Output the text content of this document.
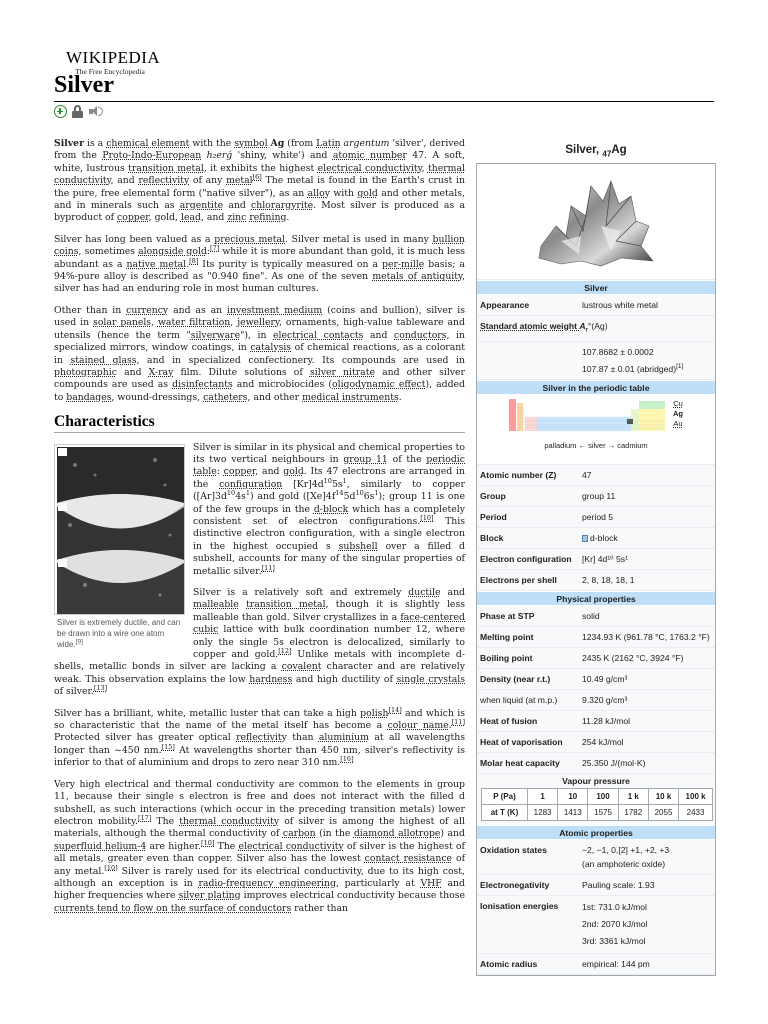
WIKIPEDIA
The Free Encyclopedia
Silver

Silver is a chemical element with the symbol Ag (from Latin argentum 'silver', derived from the Proto-Indo-European h₂erǵ 'shiny, white') and atomic number 47. A soft, white, lustrous transition metal, it exhibits the highest electrical conductivity, thermal conductivity, and reflectivity of any metal[6] The metal is found in the Earth's crust in the pure, free elemental form ("native silver"), as an alloy with gold and other metals, and in minerals such as argentite and chlorargyrite. Most silver is produced as a byproduct of copper, gold, lead, and zinc refining.

Silver has long been valued as a precious metal. Silver metal is used in many bullion coins, sometimes alongside gold:[7] while it is more abundant than gold, it is much less abundant as a native metal.[8] Its purity is typically measured on a per-mille basis; a 94%-pure alloy is described as "0.940 fine". As one of the seven metals of antiquity, silver has had an enduring role in most human cultures.

Other than in currency and as an investment medium (coins and bullion), silver is used in solar panels, water filtration, jewellery, ornaments, high-value tableware and utensils (hence the term "silverware"), in electrical contacts and conductors, in specialized mirrors, window coatings, in catalysis of chemical reactions, as a colorant in stained glass, and in specialized confectionery. Its compounds are used in photographic and X-ray film. Dilute solutions of silver nitrate and other silver compounds are used as disinfectants and microbiocides (oligodynamic effect), added to bandages, wound-dressings, catheters, and other medical instruments.

Characteristics
Silver is extremely ductile, and can be drawn into a wire one atom wide.[9]

Silver is similar in its physical and chemical properties to its two vertical neighbours in group 11 of the periodic table: copper, and gold. Its 47 electrons are arranged in the configuration $[Kr]4d^{10}5s^1$, similarly to copper $([Ar]3d^{10}4s^1)$ and gold $([Xe]4f^{14}5d^{10}6s^1)$; group 11 is one of the few groups in the d-block which has a completely consistent set of electron configurations.[10] This distinctive electron configuration, with a single electron in the highest occupied s subshell over a filled d subshell, accounts for many of the singular properties of metallic silver.[11]

Silver is a relatively soft and extremely ductile and malleable transition metal, though it is slightly less malleable than gold. Silver crystallizes in a face-centered cubic lattice with bulk coordination number 12, where only the single 5s electron is delocalized, similarly to copper and gold.[12] Unlike metals with incomplete d-shells, metallic bonds in silver are lacking a covalent character and are relatively weak. This observation explains the low hardness and high ductility of single crystals of silver.[13]

Silver has a brilliant, white, metallic luster that can take a high polish[14] and which is so characteristic that the name of the metal itself has become a colour name.[11] Protected silver has greater optical reflectivity than aluminium at all wavelengths longer than ~450 nm.[15] At wavelengths shorter than 450 nm, silver's reflectivity is inferior to that of aluminium and drops to zero near 310 nm.[16]

Very high electrical and thermal conductivity are common to the elements in group 11, because their single s electron is free and does not interact with the filled d subshell, as such interactions (which occur in the preceding transition metals) lower electron mobility.[17] The thermal conductivity of silver is among the highest of all materials, although the thermal conductivity of carbon (in the diamond allotrope) and superfluid helium-4 are higher.[10] The electrical conductivity of silver is the highest of all metals, greater even than copper. Silver also has the lowest contact resistance of any metal.[10] Silver is rarely used for its electrical conductivity, due to its high cost, although an exception is in radio-frequency engineering, particularly at VHF and higher frequencies where silver plating improves electrical conductivity because those currents tend to flow on the surface of conductors rather than

Silver, $_{47}$Ag
Silver
Appearance	lustrous white metal
Standard atomic weight $A_r^\circ(Ag)$
107.8682 ± 0.0002
107.87 ± 0.01 (abridged)[1]
Silver in the periodic table
Cu
Ag
Au
palladium ← silver → cadmium
Atomic number (Z)	47
Group	group 11
Period	period 5
Block	d-block
Electron configuration	[Kr] 4d¹⁰ 5s¹
Electrons per shell	2, 8, 18, 18, 1
Physical properties
Phase at STP	solid
Melting point	1234.93 K (961.78 °C, 1763.2 °F)
Boiling point	2435 K (2162 °C, 3924 °F)
Density (near r.t.)	10.49 g/cm³
when liquid (at m.p.)	9.320 g/cm³
Heat of fusion	11.28 kJ/mol
Heat of vaporisation	254 kJ/mol
Molar heat capacity	25.350 J/(mol·K)
Vapour pressure
P (Pa)	1	10	100	1 k	10 k	100 k
at T (K)	1283	1413	1575	1782	2055	2433
Atomic properties
Oxidation states	−2, −1, 0,[2] +1, +2, +3
(an amphoteric oxide)
Electronegativity	Pauling scale: 1.93
Ionisation energies	1st: 731.0 kJ/mol
2nd: 2070 kJ/mol
3rd: 3361 kJ/mol
Atomic radius	empirical: 144 pm
